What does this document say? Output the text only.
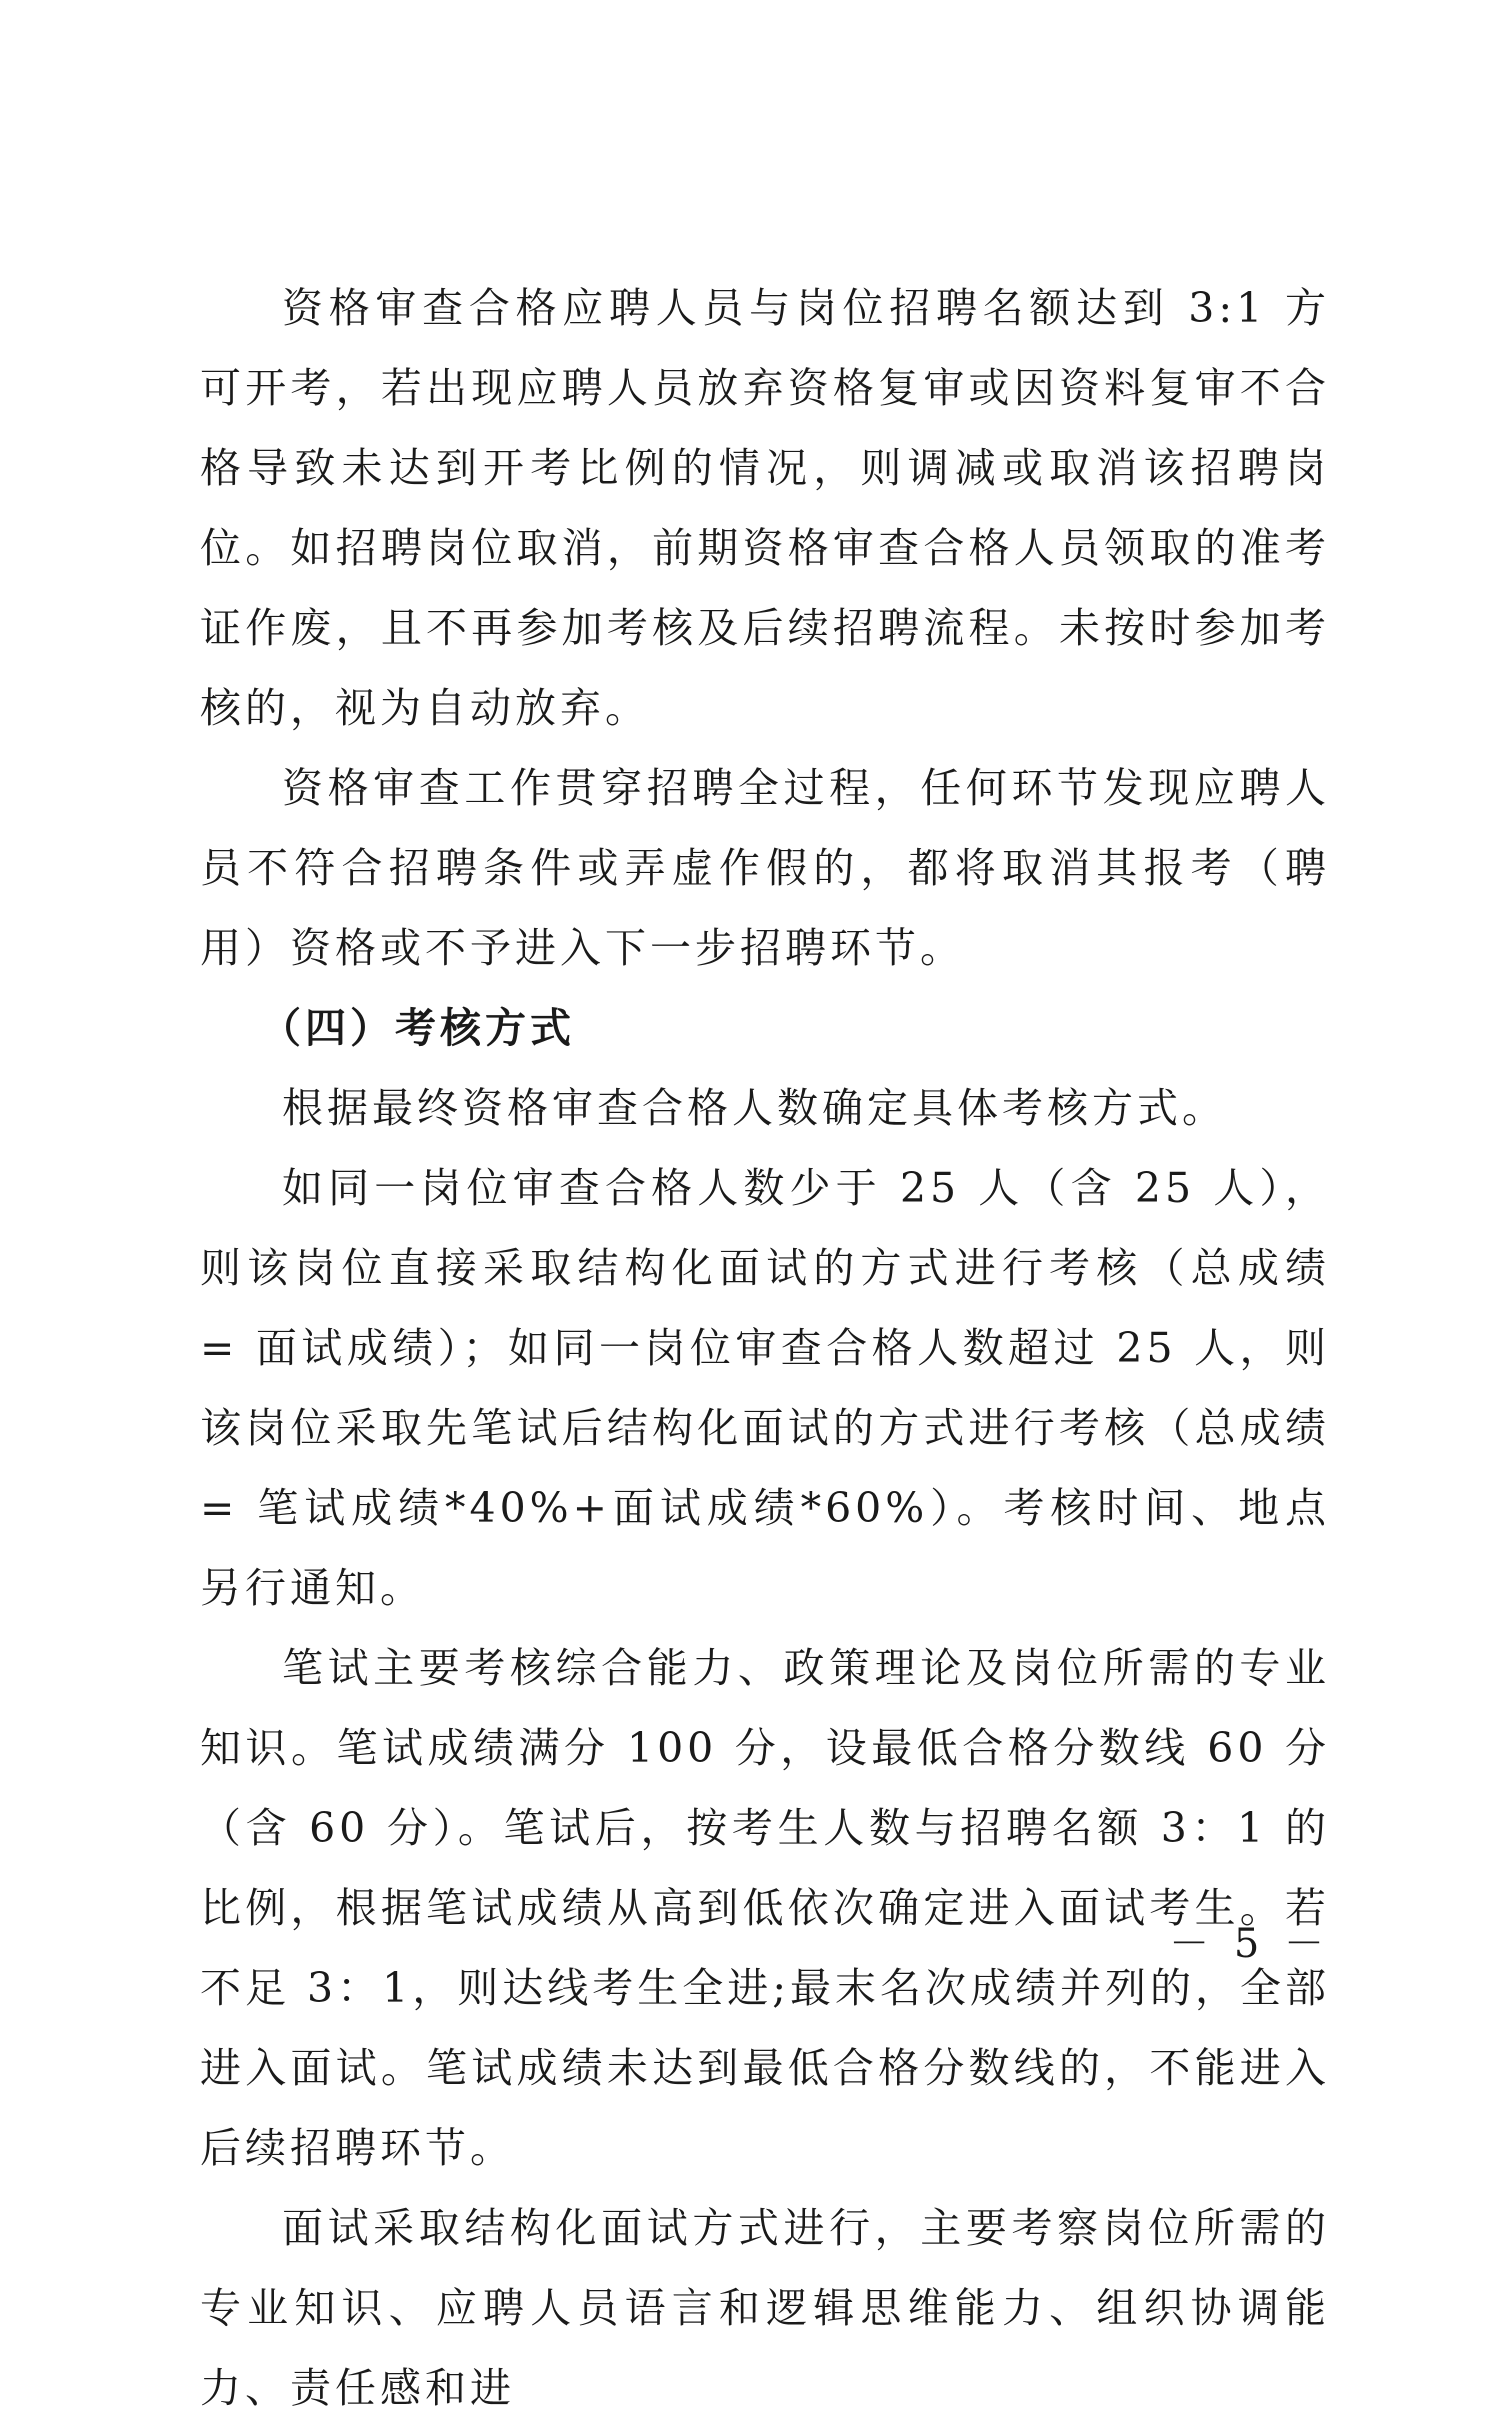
资格审查合格应聘人员与岗位招聘名额达到 3:1 方可开考，若出现应聘人员放弃资格复审或因资料复审不合格导致未达到开考比例的情况，则调减或取消该招聘岗位。如招聘岗位取消，前期资格审查合格人员领取的准考证作废，且不再参加考核及后续招聘流程。未按时参加考核的，视为自动放弃。

资格审查工作贯穿招聘全过程，任何环节发现应聘人员不符合招聘条件或弄虚作假的，都将取消其报考（聘用）资格或不予进入下一步招聘环节。

（四）考核方式

根据最终资格审查合格人数确定具体考核方式。

如同一岗位审查合格人数少于 25 人（含 25 人），则该岗位直接采取结构化面试的方式进行考核（总成绩 = 面试成绩）；如同一岗位审查合格人数超过 25 人，则该岗位采取先笔试后结构化面试的方式进行考核（总成绩 = 笔试成绩*40%+面试成绩*60%）。考核时间、地点另行通知。

笔试主要考核综合能力、政策理论及岗位所需的专业知识。笔试成绩满分 100 分，设最低合格分数线 60 分（含 60 分）。笔试后，按考生人数与招聘名额 3：1 的比例，根据笔试成绩从高到低依次确定进入面试考生。若不足 3：1，则达线考生全进;最末名次成绩并列的，全部进入面试。笔试成绩未达到最低合格分数线的，不能进入后续招聘环节。

面试采取结构化面试方式进行，主要考察岗位所需的专业知识、应聘人员语言和逻辑思维能力、组织协调能力、责任感和进

－ 5 －
